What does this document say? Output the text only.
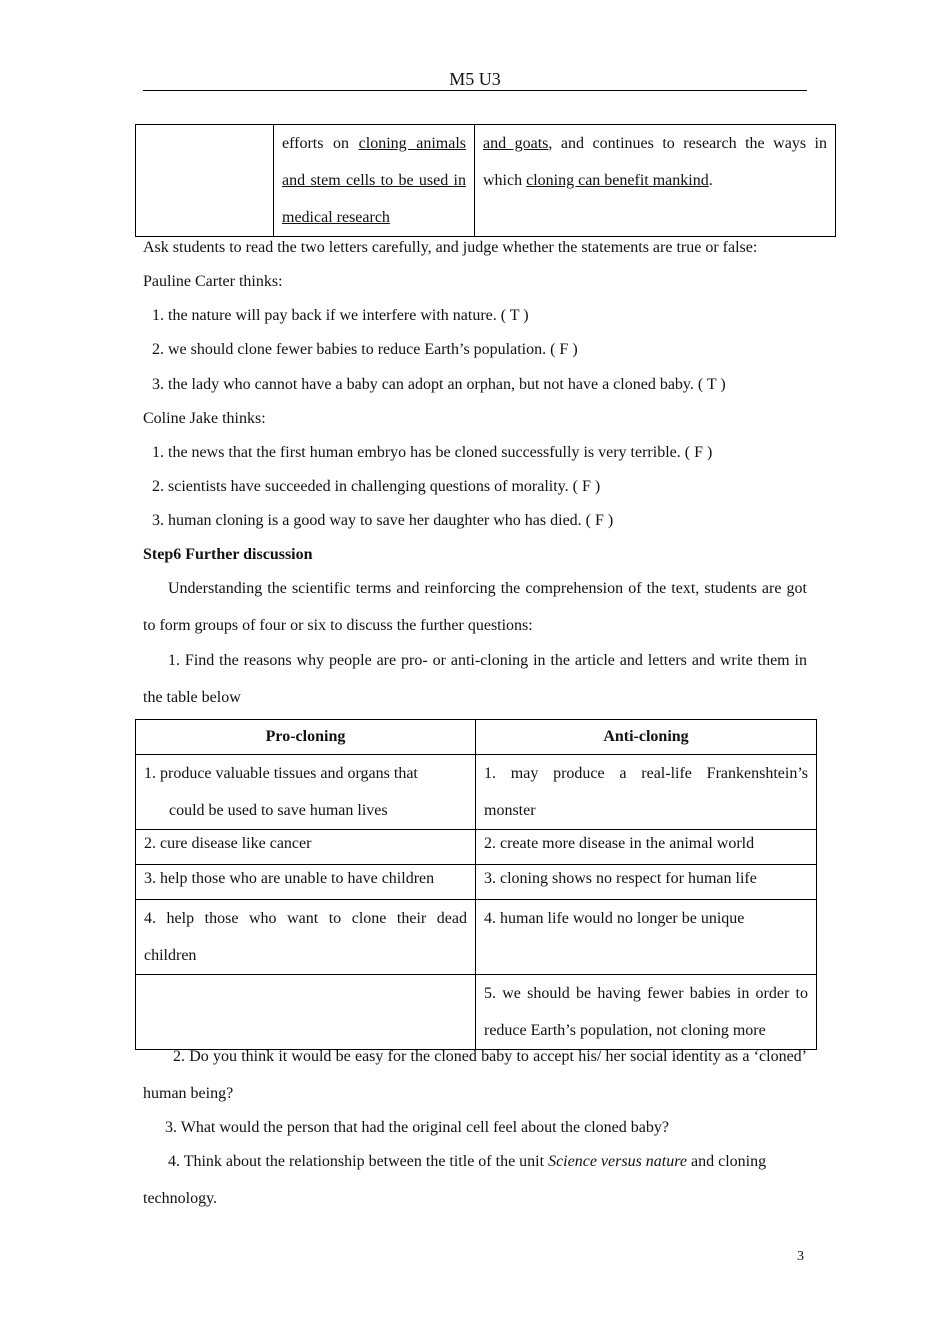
M5 U3
	efforts on cloning animals and stem cells to be used in medical research	and goats, and continues to research the ways in which cloning can benefit mankind.
Ask students to read the two letters carefully, and judge whether the statements are true or false:
Pauline Carter thinks:
1. the nature will pay back if we interfere with nature. ( T )
2. we should clone fewer babies to reduce Earth’s population. ( F )
3. the lady who cannot have a baby can adopt an orphan, but not have a cloned baby. ( T )
Coline Jake thinks:
1. the news that the first human embryo has be cloned successfully is very terrible. ( F )
2. scientists have succeeded in challenging questions of morality. ( F )
3. human cloning is a good way to save her daughter who has died. ( F )
Step6 Further discussion
Understanding the scientific terms and reinforcing the comprehension of the text, students are got to form groups of four or six to discuss the further questions:
1. Find the reasons why people are pro- or anti-cloning in the article and letters and write them in the table below
Pro-cloning	Anti-cloning
1. produce valuable tissues and organs that
could be used to save human lives	1. may produce a real-life Frankenshtein’s monster
2. cure disease like cancer	2. create more disease in the animal world
3. help those who are unable to have children	3. cloning shows no respect for human life
4. help those who want to clone their dead children	4. human life would no longer be unique
	5. we should be having fewer babies in order to reduce Earth’s population, not cloning more
2. Do you think it would be easy for the cloned baby to accept his/ her social identity as a ‘cloned’ human being?
3. What would the person that had the original cell feel about the cloned baby?
4. Think about the relationship between the title of the unit Science versus nature and cloning technology.
3
